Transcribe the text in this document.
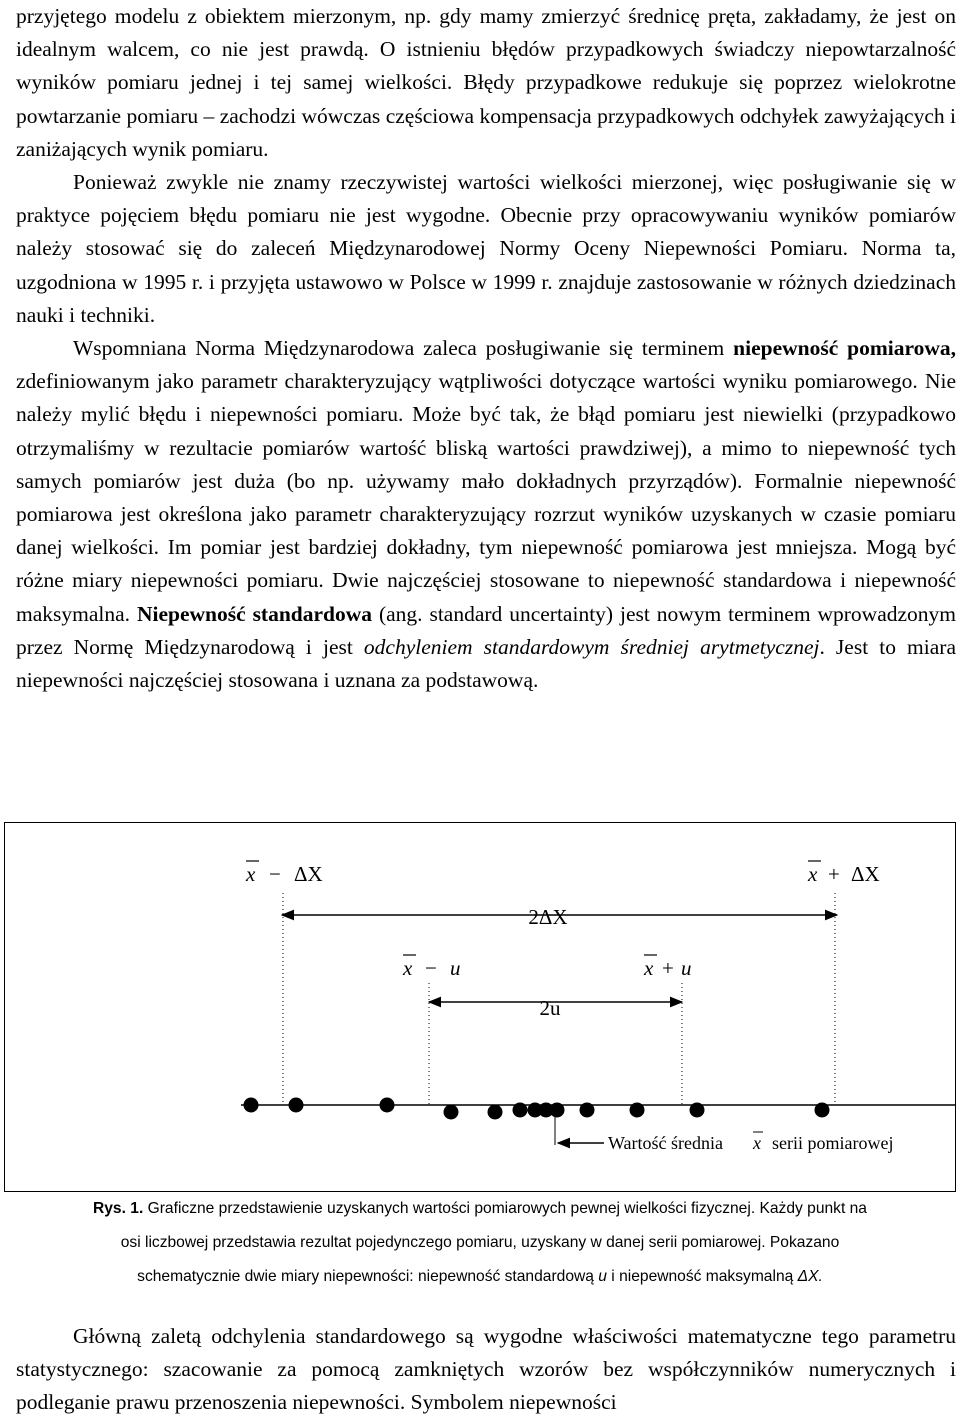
przyjętego modelu z obiektem mierzonym, np. gdy mamy zmierzyć średnicę pręta, zakładamy, że jest on idealnym walcem, co nie jest prawdą. O istnieniu błędów przypadkowych świadczy niepowtarzalność wyników pomiaru jednej i tej samej wielkości. Błędy przypadkowe redukuje się poprzez wielokrotne powtarzanie pomiaru – zachodzi wówczas częściowa kompensacja przypadkowych odchyłek zawyżających i zaniżających wynik pomiaru.

Ponieważ zwykle nie znamy rzeczywistej wartości wielkości mierzonej, więc posługiwanie się w praktyce pojęciem błędu pomiaru nie jest wygodne. Obecnie przy opracowywaniu wyników pomiarów należy stosować się do zaleceń Międzynarodowej Normy Oceny Niepewności Pomiaru. Norma ta, uzgodniona w 1995 r. i przyjęta ustawowo w Polsce w 1999 r. znajduje zastosowanie w różnych dziedzinach nauki i techniki.

Wspomniana Norma Międzynarodowa zaleca posługiwanie się terminem niepewność pomiarowa, zdefiniowanym jako parametr charakteryzujący wątpliwości dotyczące wartości wyniku pomiarowego. Nie należy mylić błędu i niepewności pomiaru. Może być tak, że błąd pomiaru jest niewielki (przypadkowo otrzymaliśmy w rezultacie pomiarów wartość bliską wartości prawdziwej), a mimo to niepewność tych samych pomiarów jest duża (bo np. używamy mało dokładnych przyrządów). Formalnie niepewność pomiarowa jest określona jako parametr charakteryzujący rozrzut wyników uzyskanych w czasie pomiaru danej wielkości. Im pomiar jest bardziej dokładny, tym niepewność pomiarowa jest mniejsza. Mogą być różne miary niepewności pomiaru. Dwie najczęściej stosowane to niepewność standardowa i niepewność maksymalna. Niepewność standardowa (ang. standard uncertainty) jest nowym terminem wprowadzonym przez Normę Międzynarodową i jest odchyleniem standardowym średniej arytmetycznej. Jest to miara niepewności najczęściej stosowana i uznana za podstawową.

x − ΔX	x + ΔX
2ΔX
x − u	x + u
2u
Wartość średnia x serii pomiarowej
Rys. 1. Graficzne przedstawienie uzyskanych wartości pomiarowych pewnej wielkości fizycznej. Każdy punkt na
osi liczbowej przedstawia rezultat pojedynczego pomiaru, uzyskany w danej serii pomiarowej. Pokazano
schematycznie dwie miary niepewności: niepewność standardową u i niepewność maksymalną ΔX.

Główną zaletą odchylenia standardowego są wygodne właściwości matematyczne tego parametru statystycznego: szacowanie za pomocą zamkniętych wzorów bez współczynników numerycznych i podleganie prawu przenoszenia niepewności. Symbolem niepewności
